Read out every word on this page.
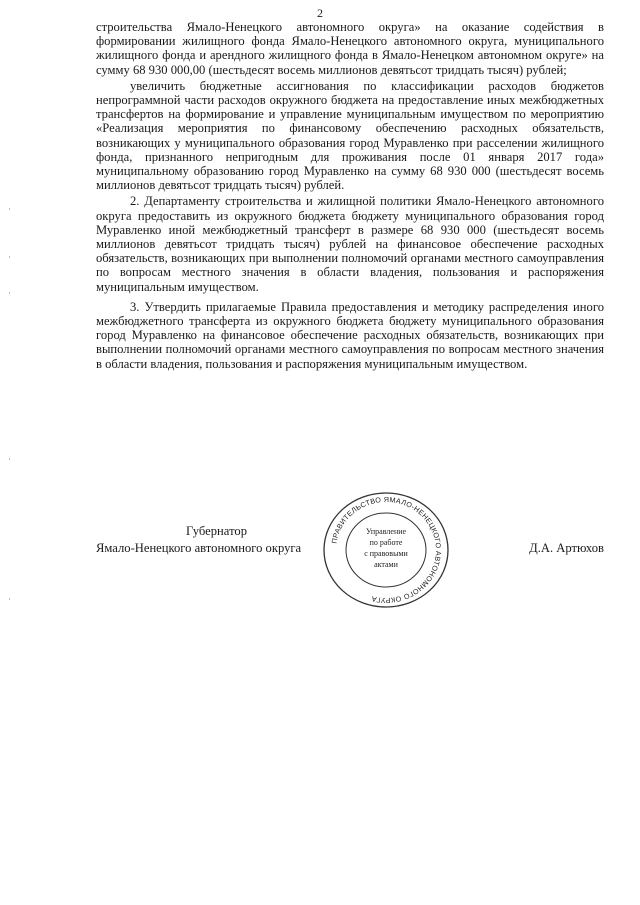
2

строительства Ямало-Ненецкого автономного округа» на оказание содействия в формировании жилищного фонда Ямало-Ненецкого автономного округа, муниципального жилищного фонда и арендного жилищного фонда в Ямало-Ненецком автономном округе» на сумму 68 930 000,00 (шестьдесят восемь миллионов девятьсот тридцать тысяч) рублей;

увеличить бюджетные ассигнования по классификации расходов бюджетов непрограммной части расходов окружного бюджета на предоставление иных межбюджетных трансфертов на формирование и управление муниципальным имуществом по мероприятию «Реализация мероприятия по финансовому обеспечению расходных обязательств, возникающих у муниципального образования город Муравленко при расселении жилищного фонда, признанного непригодным для проживания после 01 января 2017 года» муниципальному образованию город Муравленко на сумму 68 930 000 (шестьдесят восемь миллионов девятьсот тридцать тысяч) рублей.

2. Департаменту строительства и жилищной политики Ямало-Ненецкого автономного округа предоставить из окружного бюджета бюджету муниципального образования город Муравленко иной межбюджетный трансферт в размере 68 930 000 (шестьдесят восемь миллионов девятьсот тридцать тысяч) рублей на финансовое обеспечение расходных обязательств, возникающих при выполнении полномочий органами местного самоуправления по вопросам местного значения в области владения, пользования и распоряжения муниципальным имуществом.

3. Утвердить прилагаемые Правила предоставления и методику распределения иного межбюджетного трансферта из окружного бюджета бюджету муниципального образования город Муравленко на финансовое обеспечение расходных обязательств, возникающих при выполнении полномочий органами местного самоуправления по вопросам местного значения в области владения, пользования и распоряжения муниципальным имуществом.

Губернатор
Ямало-Ненецкого автономного округа	Д.А. Артюхов
ПРАВИТЕЛЬСТВО ЯМАЛО-НЕНЕЦКОГО АВТОНОМНОГО ОКРУГА
Управление
по работе
с правовыми
актами
